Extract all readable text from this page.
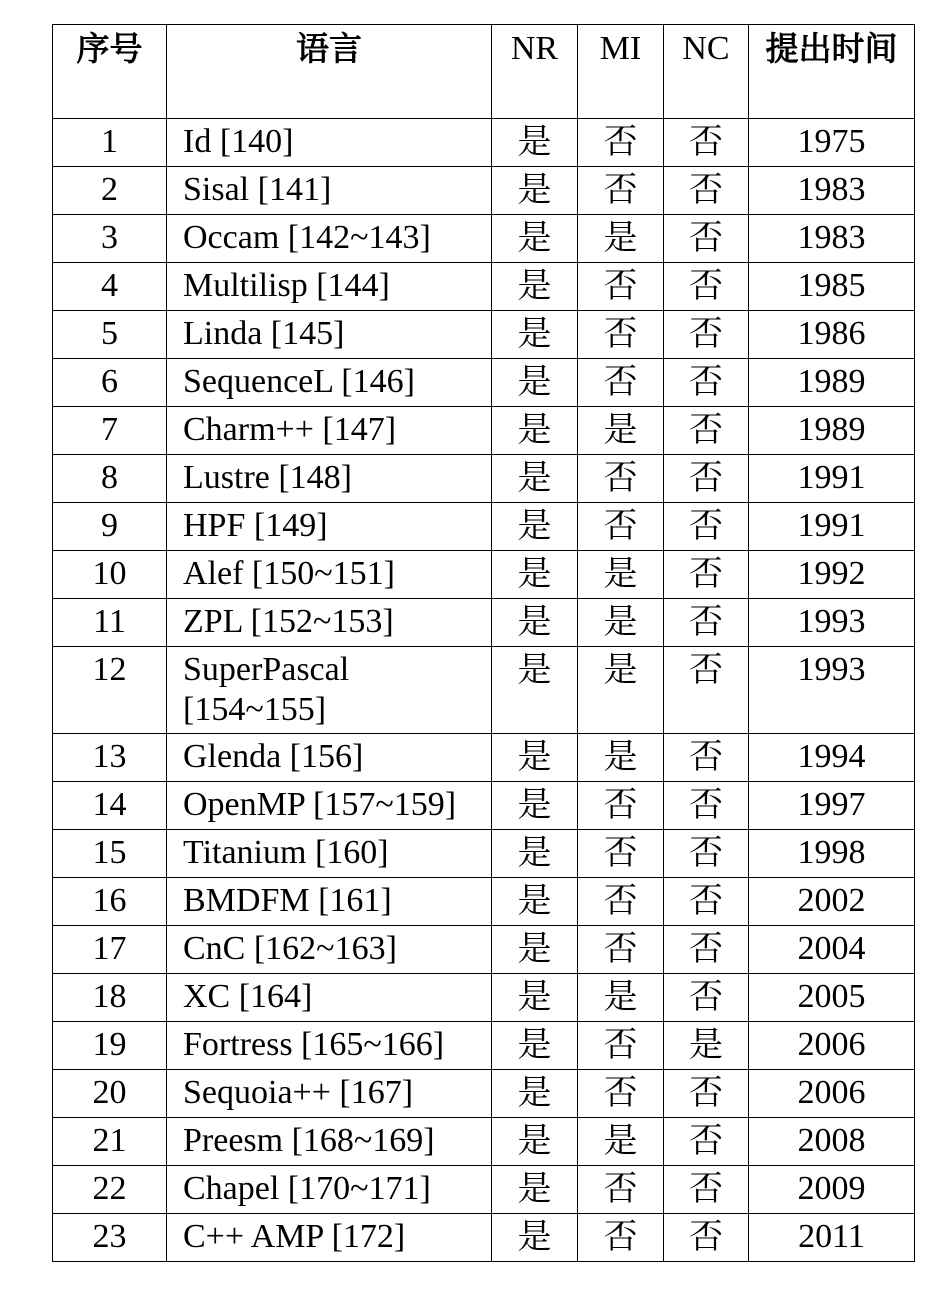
序号	语言	NR	MI	NC	提出时间
1	Id [140]	是	否	否	1975
2	Sisal [141]	是	否	否	1983
3	Occam [142~143]	是	是	否	1983
4	Multilisp [144]	是	否	否	1985
5	Linda [145]	是	否	否	1986
6	SequenceL [146]	是	否	否	1989
7	Charm++ [147]	是	是	否	1989
8	Lustre [148]	是	否	否	1991
9	HPF [149]	是	否	否	1991
10	Alef [150~151]	是	是	否	1992
11	ZPL [152~153]	是	是	否	1993
12	SuperPascal [154~155]	是	是	否	1993
13	Glenda [156]	是	是	否	1994
14	OpenMP [157~159]	是	否	否	1997
15	Titanium [160]	是	否	否	1998
16	BMDFM [161]	是	否	否	2002
17	CnC [162~163]	是	否	否	2004
18	XC [164]	是	是	否	2005
19	Fortress [165~166]	是	否	是	2006
20	Sequoia++ [167]	是	否	否	2006
21	Preesm [168~169]	是	是	否	2008
22	Chapel [170~171]	是	否	否	2009
23	C++ AMP [172]	是	否	否	2011
